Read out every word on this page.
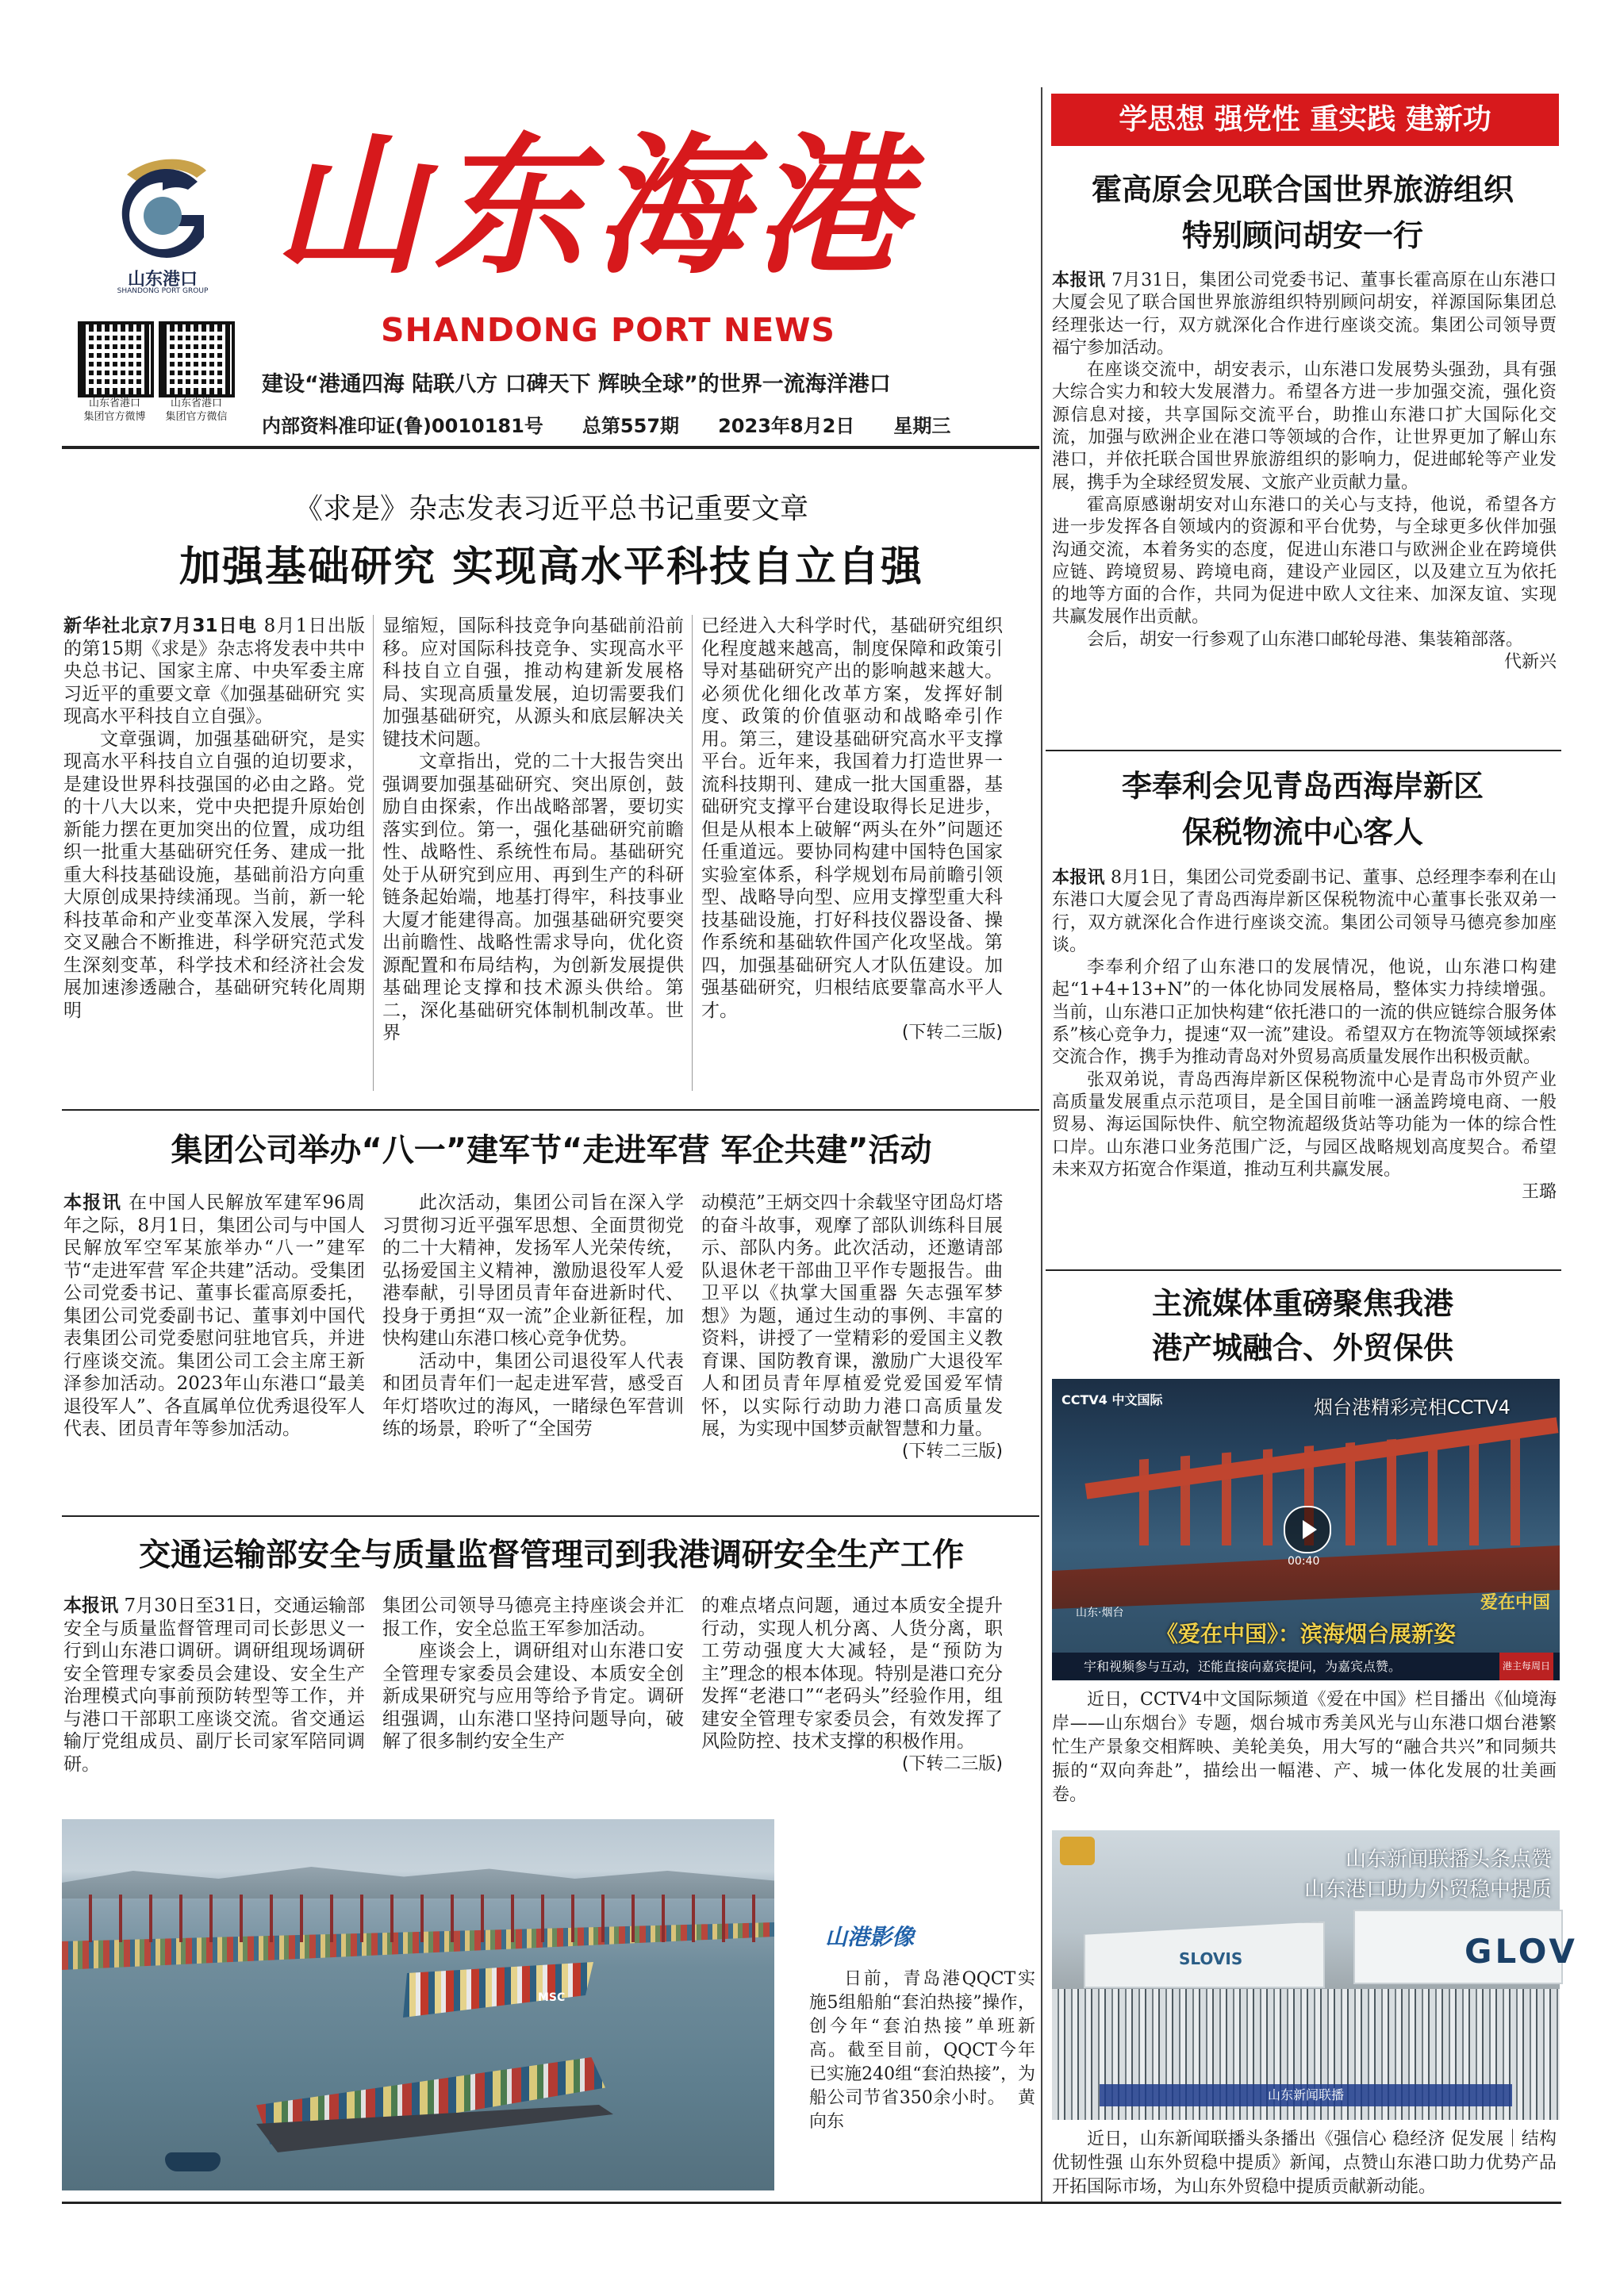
山东港口
SHANDONG PORT GROUP 山东海港
SHANDONG PORT NEWS
山东省港口
集团官方微博
山东省港口
集团官方微信
建设“港通四海 陆联八方 口碑天下 辉映全球”的世界一流海洋港口
内部资料准印证(鲁)0010181号 总第557期 2023年8月2日 星期三
学思想 强党性 重实践 建新功
《求是》杂志发表习近平总书记重要文章
加强基础研究 实现高水平科技自立自强

新华社北京7月31日电 8月1日出版的第15期《求是》杂志将发表中共中央总书记、国家主席、中央军委主席习近平的重要文章《加强基础研究 实现高水平科技自立自强》。

文章强调，加强基础研究，是实现高水平科技自立自强的迫切要求，是建设世界科技强国的必由之路。党的十八大以来，党中央把提升原始创新能力摆在更加突出的位置，成功组织一批重大基础研究任务、建成一批重大科技基础设施，基础前沿方向重大原创成果持续涌现。当前，新一轮科技革命和产业变革深入发展，学科交叉融合不断推进，科学研究范式发生深刻变革，科学技术和经济社会发展加速渗透融合，基础研究转化周期明

显缩短，国际科技竞争向基础前沿前移。应对国际科技竞争、实现高水平科技自立自强，推动构建新发展格局、实现高质量发展，迫切需要我们加强基础研究，从源头和底层解决关键技术问题。

文章指出，党的二十大报告突出强调要加强基础研究、突出原创，鼓励自由探索，作出战略部署，要切实落实到位。第一，强化基础研究前瞻性、战略性、系统性布局。基础研究处于从研究到应用、再到生产的科研链条起始端，地基打得牢，科技事业大厦才能建得高。加强基础研究要突出前瞻性、战略性需求导向，优化资源配置和布局结构，为创新发展提供基础理论支撑和技术源头供给。第二，深化基础研究体制机制改革。世界

已经进入大科学时代，基础研究组织化程度越来越高，制度保障和政策引导对基础研究产出的影响越来越大。必须优化细化改革方案，发挥好制度、政策的价值驱动和战略牵引作用。第三，建设基础研究高水平支撑平台。近年来，我国着力打造世界一流科技期刊、建成一批大国重器，基础研究支撑平台建设取得长足进步，但是从根本上破解“两头在外”问题还任重道远。要协同构建中国特色国家实验室体系，科学规划布局前瞻引领型、战略导向型、应用支撑型重大科技基础设施，打好科技仪器设备、操作系统和基础软件国产化攻坚战。第四，加强基础研究人才队伍建设。加强基础研究，归根结底要靠高水平人才。

(下转二三版)
集团公司举办“八一”建军节“走进军营 军企共建”活动

本报讯 在中国人民解放军建军96周年之际，8月1日，集团公司与中国人民解放军空军某旅举办“八一”建军节“走进军营 军企共建”活动。受集团公司党委书记、董事长霍高原委托，集团公司党委副书记、董事刘中国代表集团公司党委慰问驻地官兵，并进行座谈交流。集团公司工会主席王新泽参加活动。2023年山东港口“最美退役军人”、各直属单位优秀退役军人代表、团员青年等参加活动。

此次活动，集团公司旨在深入学习贯彻习近平强军思想、全面贯彻党的二十大精神，发扬军人光荣传统，弘扬爱国主义精神，激励退役军人爱港奉献，引导团员青年奋进新时代、投身于勇担“双一流”企业新征程，加快构建山东港口核心竞争优势。

活动中，集团公司退役军人代表和团员青年们一起走进军营，感受百年灯塔吹过的海风，一睹绿色军营训练的场景，聆听了“全国劳

动模范”王炳交四十余载坚守团岛灯塔的奋斗故事，观摩了部队训练科目展示、部队内务。此次活动，还邀请部队退休老干部曲卫平作专题报告。曲卫平以《执掌大国重器 矢志强军梦想》为题，通过生动的事例、丰富的资料，讲授了一堂精彩的爱国主义教育课、国防教育课，激励广大退役军人和团员青年厚植爱党爱国爱军情怀，以实际行动助力港口高质量发展，为实现中国梦贡献智慧和力量。

(下转二三版)
交通运输部安全与质量监督管理司到我港调研安全生产工作

本报讯 7月30日至31日，交通运输部安全与质量监督管理司司长彭思义一行到山东港口调研。调研组现场调研安全管理专家委员会建设、安全生产治理模式向事前预防转型等工作，并与港口干部职工座谈交流。省交通运输厅党组成员、副厅长司家军陪同调研。

集团公司领导马德亮主持座谈会并汇报工作，安全总监王军参加活动。

座谈会上，调研组对山东港口安全管理专家委员会建设、本质安全创新成果研究与应用等给予肯定。调研组强调，山东港口坚持问题导向，破解了很多制约安全生产

的难点堵点问题，通过本质安全提升行动，实现人机分离、人货分离，职工劳动强度大大减轻，是“预防为主”理念的根本体现。特别是港口充分发挥“老港口”“老码头”经验作用，组建安全管理专家委员会，有效发挥了风险防控、技术支撑的积极作用。

(下转二三版)
MSC
山港影像
日前，青岛港QQCT实施5组船舶“套泊热接”操作，创今年“套泊热接”单班新高。截至目前，QQCT今年已实施240组“套泊热接”，为船公司节省350余小时。 黄向东
霍高原会见联合国世界旅游组织
特别顾问胡安一行

本报讯 7月31日，集团公司党委书记、董事长霍高原在山东港口大厦会见了联合国世界旅游组织特别顾问胡安，祥源国际集团总经理张达一行，双方就深化合作进行座谈交流。集团公司领导贾福宁参加活动。

在座谈交流中，胡安表示，山东港口发展势头强劲，具有强大综合实力和较大发展潜力。希望各方进一步加强交流，强化资源信息对接，共享国际交流平台，助推山东港口扩大国际化交流，加强与欧洲企业在港口等领域的合作，让世界更加了解山东港口，并依托联合国世界旅游组织的影响力，促进邮轮等产业发展，携手为全球经贸发展、文旅产业贡献力量。

霍高原感谢胡安对山东港口的关心与支持，他说，希望各方进一步发挥各自领域内的资源和平台优势，与全球更多伙伴加强沟通交流，本着务实的态度，促进山东港口与欧洲企业在跨境供应链、跨境贸易、跨境电商，建设产业园区，以及建立互为依托的地等方面的合作，共同为促进中欧人文往来、加深友谊、实现共赢发展作出贡献。

会后，胡安一行参观了山东港口邮轮母港、集装箱部落。

代新兴
李奉利会见青岛西海岸新区
保税物流中心客人

本报讯 8月1日，集团公司党委副书记、董事、总经理李奉利在山东港口大厦会见了青岛西海岸新区保税物流中心董事长张双弟一行，双方就深化合作进行座谈交流。集团公司领导马德亮参加座谈。

李奉利介绍了山东港口的发展情况，他说，山东港口构建起“1+4+13+N”的一体化协同发展格局，整体实力持续增强。当前，山东港口正加快构建“依托港口的一流的供应链综合服务体系”核心竞争力，提速“双一流”建设。希望双方在物流等领域探索交流合作，携手为推动青岛对外贸易高质量发展作出积极贡献。

张双弟说，青岛西海岸新区保税物流中心是青岛市外贸产业高质量发展重点示范项目，是全国目前唯一涵盖跨境电商、一般贸易、海运国际快件、航空物流超级货站等功能为一体的综合性口岸。山东港口业务范围广泛，与园区战略规划高度契合。希望未来双方拓宽合作渠道，推动互利共赢发展。

王璐
主流媒体重磅聚焦我港
港产城融合、外贸保供
CCTV4 中文国际	烟台港精彩亮相CCTV4
00:40
爱在中国
山东·烟台
《爱在中国》：滨海烟台展新姿
宇和视频参与互动，还能直接向嘉宾提问，为嘉宾点赞。	港主每周日
近日，CCTV4中文国际频道《爱在中国》栏目播出《仙境海岸——山东烟台》专题，烟台城市秀美风光与山东港口烟台港繁忙生产景象交相辉映、美轮美奂，用大写的“融合共兴”和同频共振的“双向奔赴”，描绘出一幅港、产、城一体化发展的壮美画卷。
山东新闻联播头条点赞
山东港口助力外贸稳中提质
SLOVIS	GLOV
山东新闻联播
近日，山东新闻联播头条播出《强信心 稳经济 促发展｜结构优韧性强 山东外贸稳中提质》新闻，点赞山东港口助力优势产品开拓国际市场，为山东外贸稳中提质贡献新动能。
